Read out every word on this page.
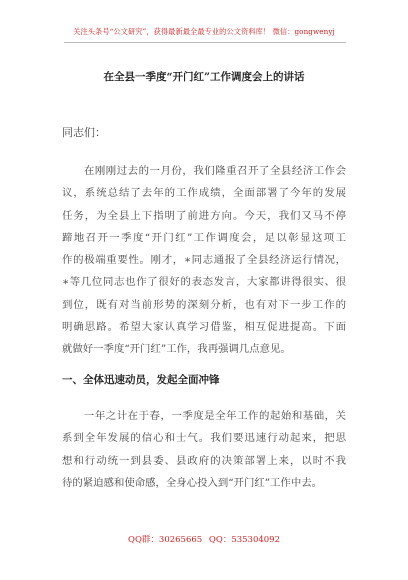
关注头条号“公文研究”，获得最新最全最专业的公文资料库！ 微信：gongwenyj
在全县一季度“开门红”工作调度会上的讲话
同志们：
　　在刚刚过去的一月份，我们隆重召开了全县经济工作会
议，系统总结了去年的工作成绩，全面部署了今年的发展
任务，为全县上下指明了前进方向。今天，我们又马不停
蹄地召开一季度“开门红”工作调度会，足以彰显这项工
作的极端重要性。刚才，∗同志通报了全县经济运行情况，
∗等几位同志也作了很好的表态发言，大家都讲得很实、很
到位，既有对当前形势的深刻分析，也有对下一步工作的
明确思路。希望大家认真学习借鉴，相互促进提高。下面
就做好一季度“开门红”工作，我再强调几点意见。
一、全体迅速动员，发起全面冲锋
　　一年之计在于春，一季度是全年工作的起始和基础，关
系到全年发展的信心和士气。我们要迅速行动起来，把思
想和行动统一到县委、县政府的决策部署上来，以时不我
待的紧迫感和使命感，全身心投入到“开门红”工作中去。
QQ群：30265665 QQ：535304092
